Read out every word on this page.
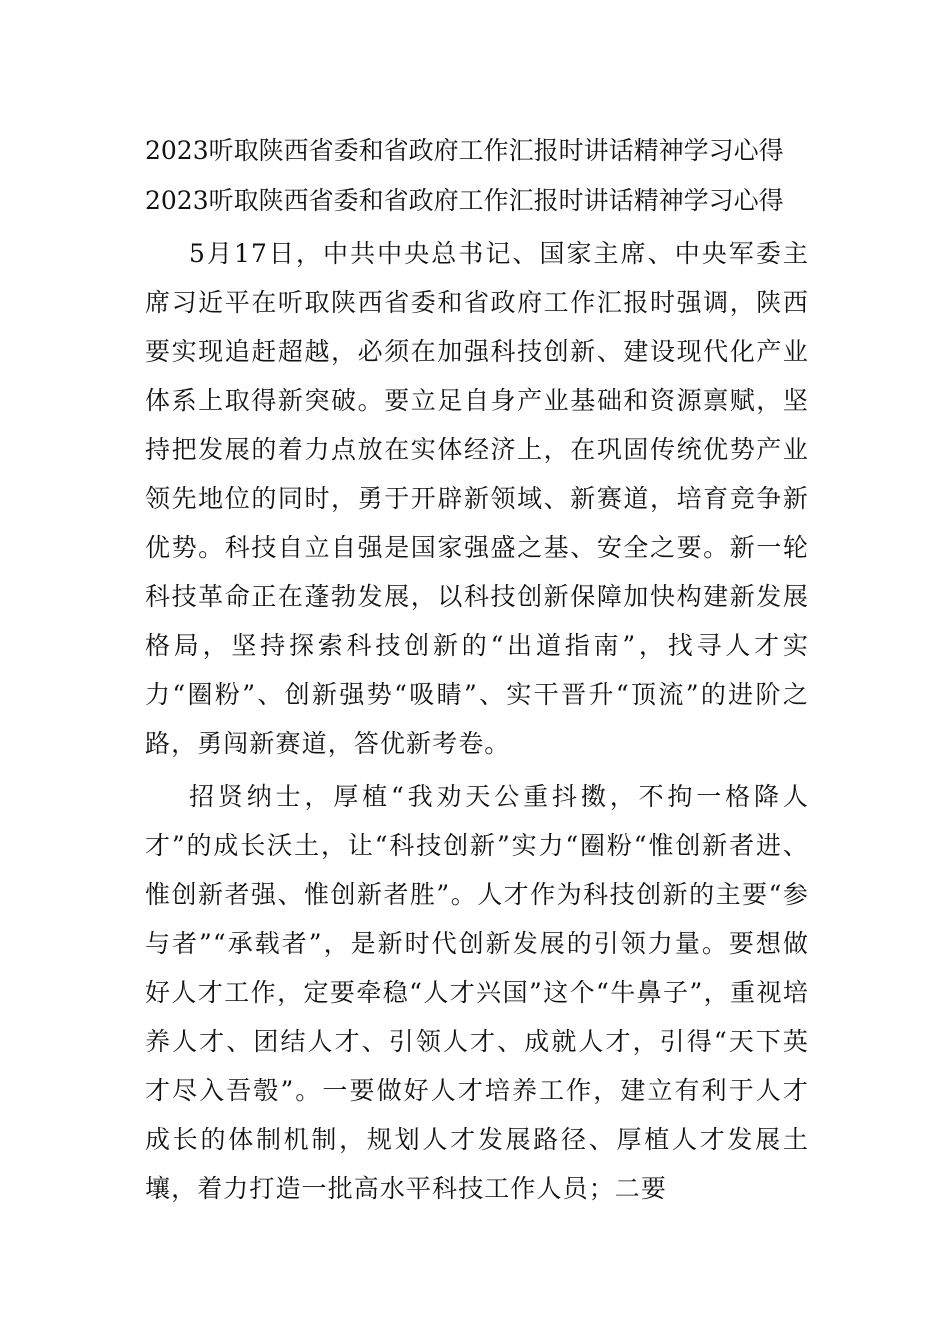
2023听取陕西省委和省政府工作汇报时讲话精神学习心得
2023听取陕西省委和省政府工作汇报时讲话精神学习心得

5月17日，中共中央总书记、国家主席、中央军委主席习近平在听取陕西省委和省政府工作汇报时强调，陕西要实现追赶超越，必须在加强科技创新、建设现代化产业体系上取得新突破。要立足自身产业基础和资源禀赋，坚持把发展的着力点放在实体经济上，在巩固传统优势产业领先地位的同时，勇于开辟新领域、新赛道，培育竞争新优势。科技自立自强是国家强盛之基、安全之要。新一轮科技革命正在蓬勃发展，以科技创新保障加快构建新发展格局，坚持探索科技创新的“出道指南”，找寻人才实力“圈粉”、创新强势“吸睛”、实干晋升“顶流”的进阶之路，勇闯新赛道，答优新考卷。

招贤纳士，厚植“我劝天公重抖擞，不拘一格降人才”的成长沃土，让“科技创新”实力“圈粉“惟创新者进、惟创新者强、惟创新者胜”。人才作为科技创新的主要“参与者”“承载者”，是新时代创新发展的引领力量。要想做好人才工作，定要牵稳“人才兴国”这个“牛鼻子”，重视培养人才、团结人才、引领人才、成就人才，引得“天下英才尽入吾彀”。一要做好人才培养工作，建立有利于人才成长的体制机制，规划人才发展路径、厚植人才发展土壤，着力打造一批高水平科技工作人员；二要
